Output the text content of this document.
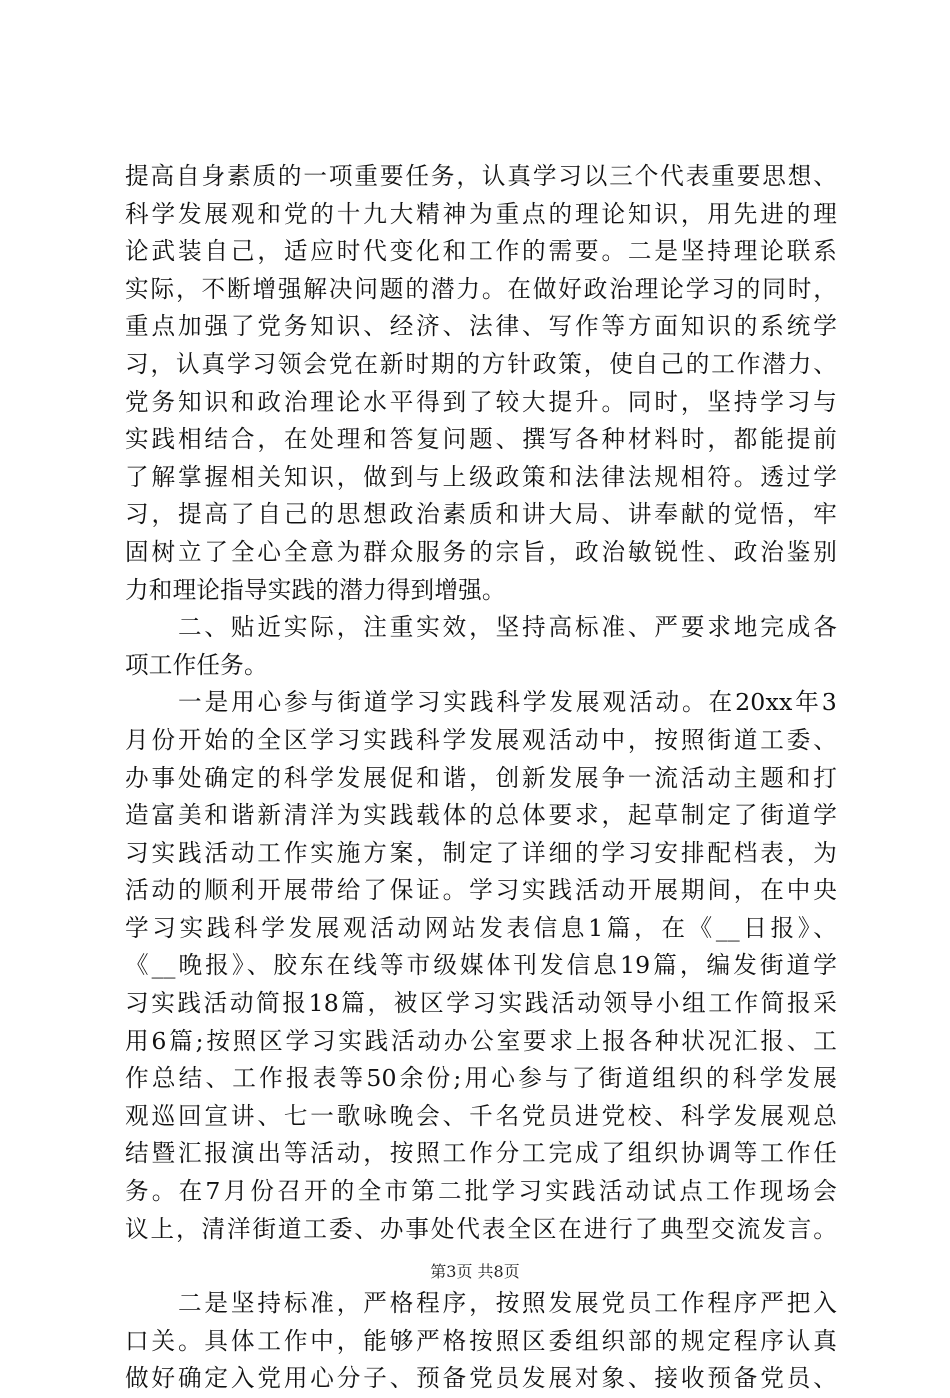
提高自身素质的一项重要任务，认真学习以三个代表重要思想、
科学发展观和党的十九大精神为重点的理论知识，用先进的理
论武装自己，适应时代变化和工作的需要。二是坚持理论联系
实际，不断增强解决问题的潜力。在做好政治理论学习的同时，
重点加强了党务知识、经济、法律、写作等方面知识的系统学
习，认真学习领会党在新时期的方针政策，使自己的工作潜力、
党务知识和政治理论水平得到了较大提升。同时，坚持学习与
实践相结合，在处理和答复问题、撰写各种材料时，都能提前
了解掌握相关知识，做到与上级政策和法律法规相符。透过学
习，提高了自己的思想政治素质和讲大局、讲奉献的觉悟，牢
固树立了全心全意为群众服务的宗旨，政治敏锐性、政治鉴别
力和理论指导实践的潜力得到增强。
　　二、贴近实际，注重实效，坚持高标准、严要求地完成各
项工作任务。
　　一是用心参与街道学习实践科学发展观活动。在20xx年3
月份开始的全区学习实践科学发展观活动中，按照街道工委、
办事处确定的科学发展促和谐，创新发展争一流活动主题和打
造富美和谐新清洋为实践载体的总体要求，起草制定了街道学
习实践活动工作实施方案，制定了详细的学习安排配档表，为
活动的顺利开展带给了保证。学习实践活动开展期间，在中央
学习实践科学发展观活动网站发表信息1篇，在《__日报》、
《__晚报》、胶东在线等市级媒体刊发信息19篇，编发街道学
习实践活动简报18篇，被区学习实践活动领导小组工作简报采
用6篇;按照区学习实践活动办公室要求上报各种状况汇报、工
作总结、工作报表等50余份;用心参与了街道组织的科学发展
观巡回宣讲、七一歌咏晚会、千名党员进党校、科学发展观总
结暨汇报演出等活动，按照工作分工完成了组织协调等工作任
务。在7月份召开的全市第二批学习实践活动试点工作现场会
议上，清洋街道工委、办事处代表全区在进行了典型交流发言。
　　二是坚持标准，严格程序，按照发展党员工作程序严把入
口关。具体工作中，能够严格按照区委组织部的规定程序认真
做好确定入党用心分子、预备党员发展对象、接收预备党员、
第3页 共8页
